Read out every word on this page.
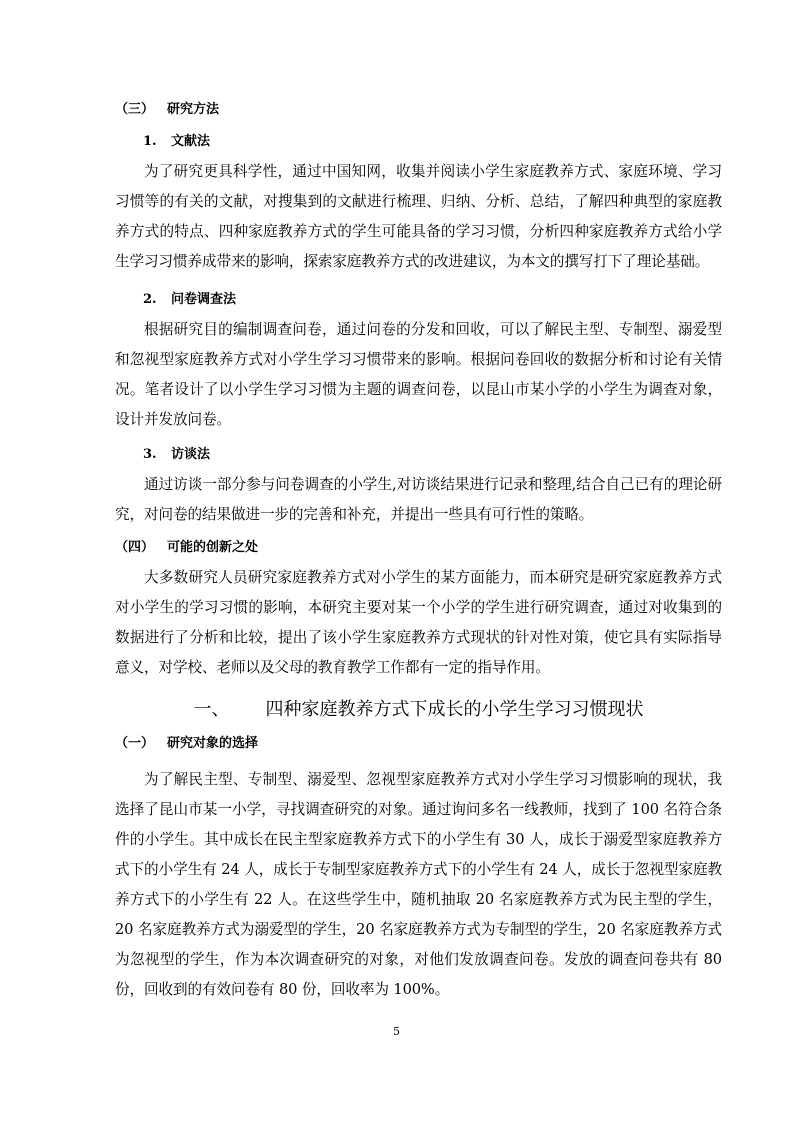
（三） 研究方法
1. 文献法
为了研究更具科学性，通过中国知网，收集并阅读小学生家庭教养方式、家庭环境、学习习惯等的有关的文献，对搜集到的文献进行梳理、归纳、分析、总结，了解四种典型的家庭教养方式的特点、四种家庭教养方式的学生可能具备的学习习惯，分析四种家庭教养方式给小学生学习习惯养成带来的影响，探索家庭教养方式的改进建议，为本文的撰写打下了理论基础。
2. 问卷调查法
根据研究目的编制调查问卷，通过问卷的分发和回收，可以了解民主型、专制型、溺爱型和忽视型家庭教养方式对小学生学习习惯带来的影响。根据问卷回收的数据分析和讨论有关情况。笔者设计了以小学生学习习惯为主题的调查问卷，以昆山市某小学的小学生为调查对象，设计并发放问卷。
3. 访谈法
通过访谈一部分参与问卷调查的小学生,对访谈结果进行记录和整理,结合自己已有的理论研究，对问卷的结果做进一步的完善和补充，并提出一些具有可行性的策略。
（四） 可能的创新之处
大多数研究人员研究家庭教养方式对小学生的某方面能力，而本研究是研究家庭教养方式对小学生的学习习惯的影响，本研究主要对某一个小学的学生进行研究调查，通过对收集到的数据进行了分析和比较，提出了该小学生家庭教养方式现状的针对性对策，使它具有实际指导意义，对学校、老师以及父母的教育教学工作都有一定的指导作用。
一、 四种家庭教养方式下成长的小学生学习习惯现状
（一） 研究对象的选择
为了解民主型、专制型、溺爱型、忽视型家庭教养方式对小学生学习习惯影响的现状，我选择了昆山市某一小学，寻找调查研究的对象。通过询问多名一线教师，找到了 100 名符合条件的小学生。其中成长在民主型家庭教养方式下的小学生有 30 人，成长于溺爱型家庭教养方式下的小学生有 24 人，成长于专制型家庭教养方式下的小学生有 24 人，成长于忽视型家庭教养方式下的小学生有 22 人。在这些学生中，随机抽取 20 名家庭教养方式为民主型的学生，20 名家庭教养方式为溺爱型的学生，20 名家庭教养方式为专制型的学生，20 名家庭教养方式为忽视型的学生，作为本次调查研究的对象，对他们发放调查问卷。发放的调查问卷共有 80 份，回收到的有效问卷有 80 份，回收率为 100%。
5
